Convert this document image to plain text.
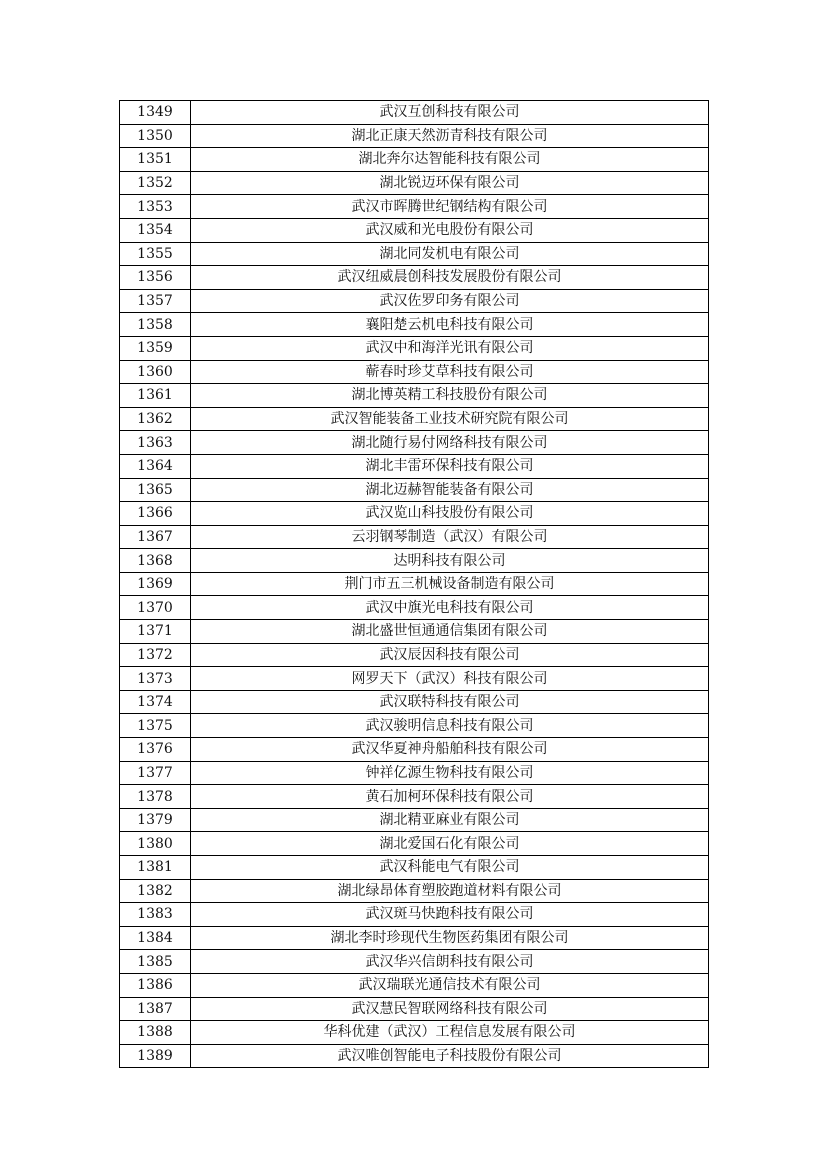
1349	武汉互创科技有限公司
1350	湖北正康天然沥青科技有限公司
1351	湖北奔尔达智能科技有限公司
1352	湖北锐迈环保有限公司
1353	武汉市晖腾世纪钢结构有限公司
1354	武汉威和光电股份有限公司
1355	湖北同发机电有限公司
1356	武汉纽威晨创科技发展股份有限公司
1357	武汉佐罗印务有限公司
1358	襄阳楚云机电科技有限公司
1359	武汉中和海洋光讯有限公司
1360	蕲春时珍艾草科技有限公司
1361	湖北博英精工科技股份有限公司
1362	武汉智能装备工业技术研究院有限公司
1363	湖北随行易付网络科技有限公司
1364	湖北丰雷环保科技有限公司
1365	湖北迈赫智能装备有限公司
1366	武汉览山科技股份有限公司
1367	云羽钢琴制造（武汉）有限公司
1368	达明科技有限公司
1369	荆门市五三机械设备制造有限公司
1370	武汉中旗光电科技有限公司
1371	湖北盛世恒通通信集团有限公司
1372	武汉辰因科技有限公司
1373	网罗天下（武汉）科技有限公司
1374	武汉联特科技有限公司
1375	武汉骏明信息科技有限公司
1376	武汉华夏神舟船舶科技有限公司
1377	钟祥亿源生物科技有限公司
1378	黄石加柯环保科技有限公司
1379	湖北精亚麻业有限公司
1380	湖北爱国石化有限公司
1381	武汉科能电气有限公司
1382	湖北绿昂体育塑胶跑道材料有限公司
1383	武汉斑马快跑科技有限公司
1384	湖北李时珍现代生物医药集团有限公司
1385	武汉华兴信朗科技有限公司
1386	武汉瑞联光通信技术有限公司
1387	武汉慧民智联网络科技有限公司
1388	华科优建（武汉）工程信息发展有限公司
1389	武汉唯创智能电子科技股份有限公司
